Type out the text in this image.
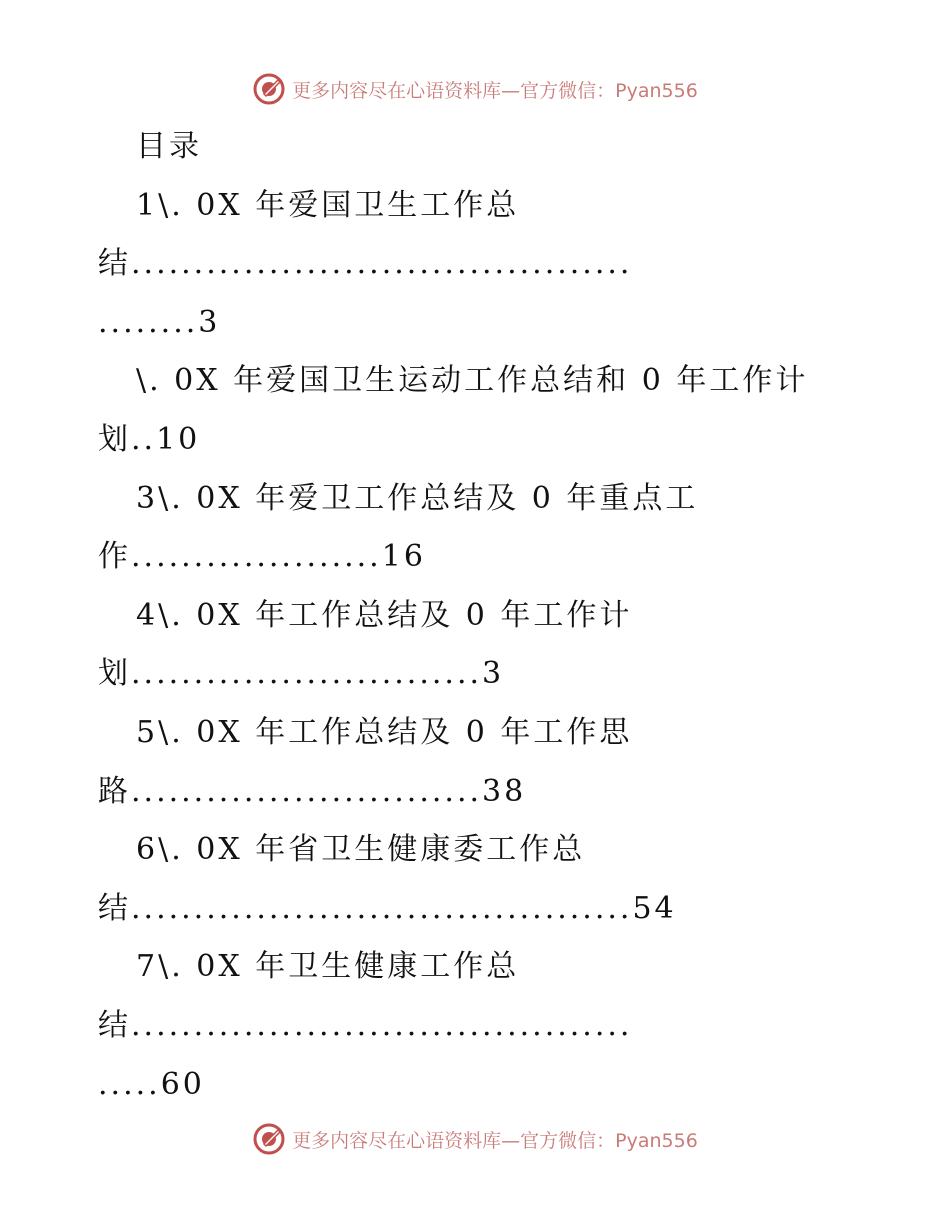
更多内容尽在心语资料库—官方微信：Pyan556
目录
1\. 0X 年爱国卫生工作总
结........................................
........3
\. 0X 年爱国卫生运动工作总结和 0 年工作计
划..10
3\. 0X 年爱卫工作总结及 0 年重点工
作....................16
4\. 0X 年工作总结及 0 年工作计
划............................3
5\. 0X 年工作总结及 0 年工作思
路............................38
6\. 0X 年省卫生健康委工作总
结........................................54
7\. 0X 年卫生健康工作总
结........................................
.....60
更多内容尽在心语资料库—官方微信：Pyan556
